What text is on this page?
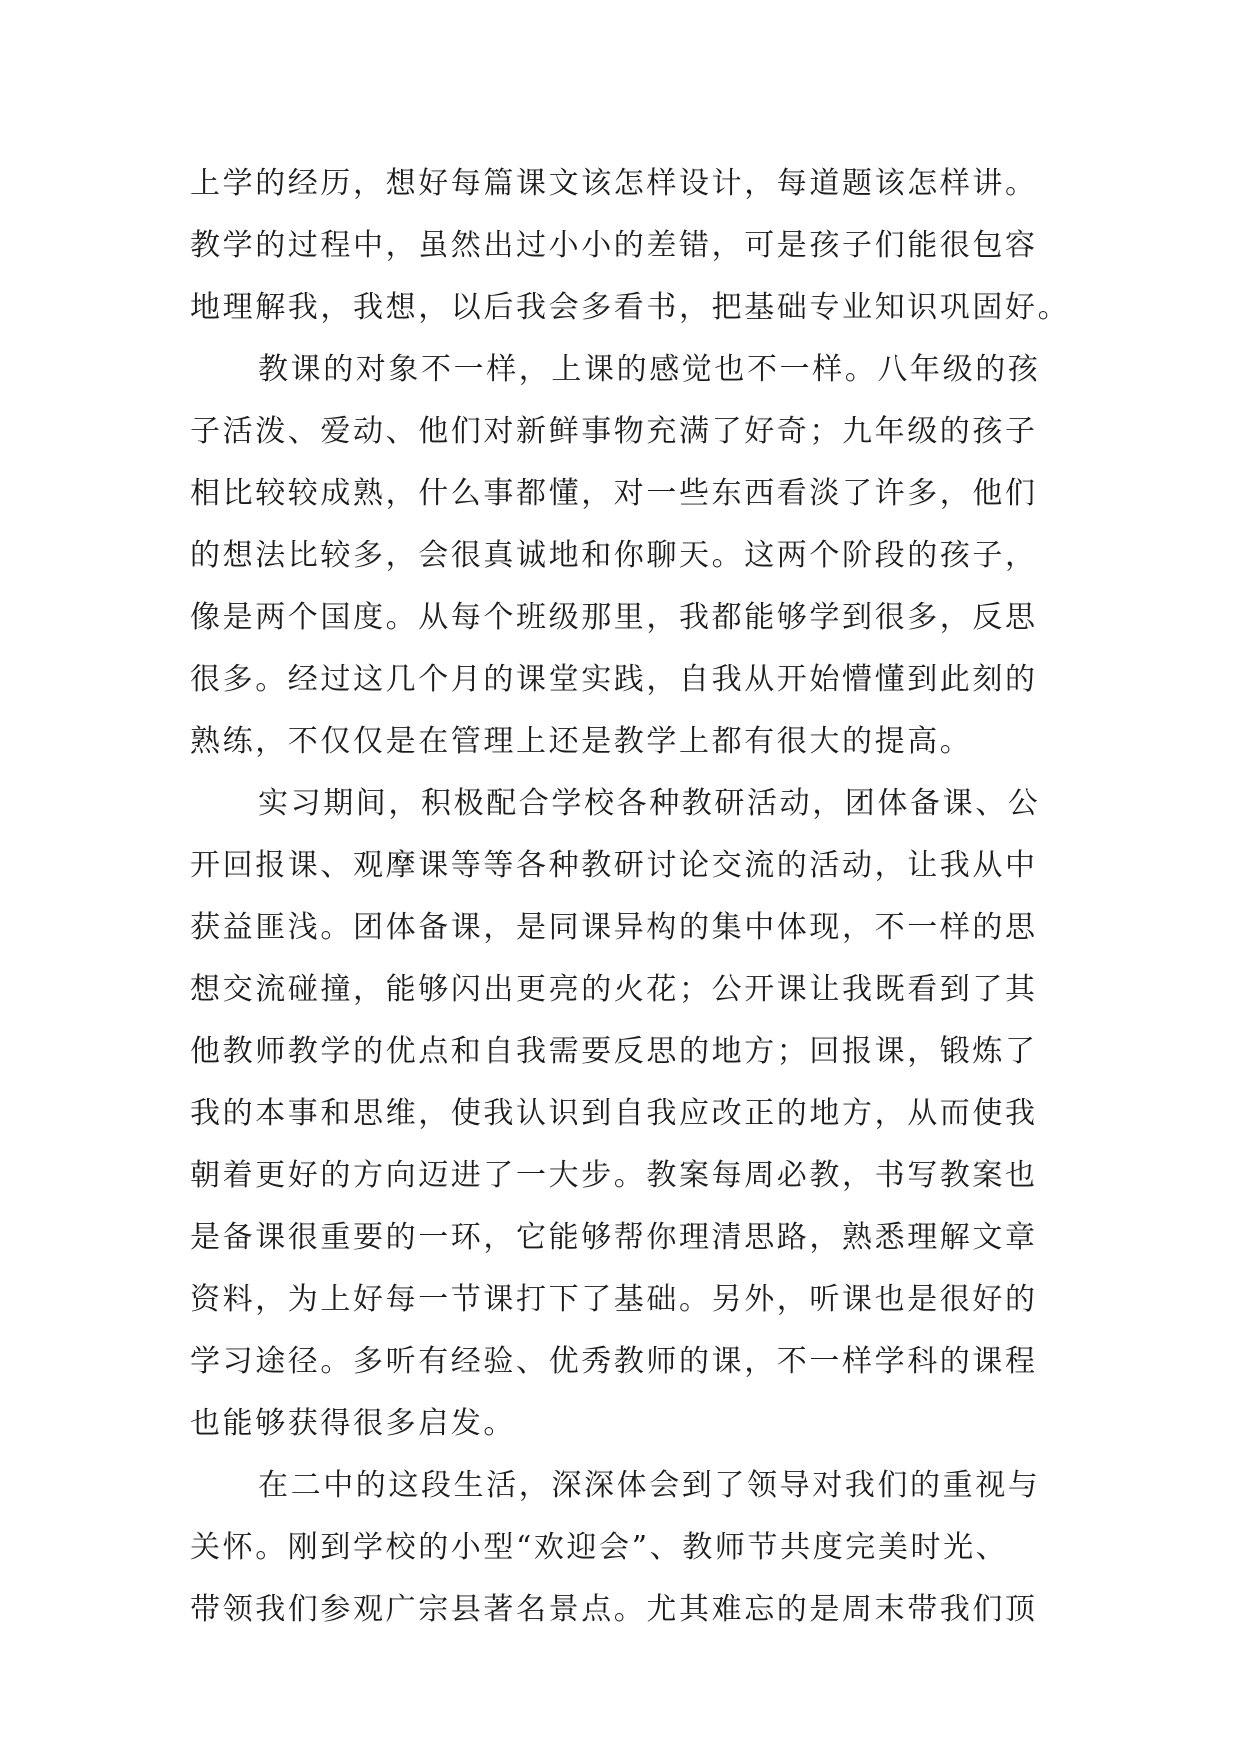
上学的经历，想好每篇课文该怎样设计，每道题该怎样讲。
教学的过程中，虽然出过小小的差错，可是孩子们能很包容
地理解我，我想，以后我会多看书，把基础专业知识巩固好。
教课的对象不一样，上课的感觉也不一样。八年级的孩
子活泼、爱动、他们对新鲜事物充满了好奇；九年级的孩子
相比较较成熟，什么事都懂，对一些东西看淡了许多，他们
的想法比较多，会很真诚地和你聊天。这两个阶段的孩子，
像是两个国度。从每个班级那里，我都能够学到很多，反思
很多。经过这几个月的课堂实践，自我从开始懵懂到此刻的
熟练，不仅仅是在管理上还是教学上都有很大的提高。
实习期间，积极配合学校各种教研活动，团体备课、公
开回报课、观摩课等等各种教研讨论交流的活动，让我从中
获益匪浅。团体备课，是同课异构的集中体现，不一样的思
想交流碰撞，能够闪出更亮的火花；公开课让我既看到了其
他教师教学的优点和自我需要反思的地方；回报课，锻炼了
我的本事和思维，使我认识到自我应改正的地方，从而使我
朝着更好的方向迈进了一大步。教案每周必教，书写教案也
是备课很重要的一环，它能够帮你理清思路，熟悉理解文章
资料，为上好每一节课打下了基础。另外，听课也是很好的
学习途径。多听有经验、优秀教师的课，不一样学科的课程
也能够获得很多启发。
在二中的这段生活，深深体会到了领导对我们的重视与
关怀。刚到学校的小型“欢迎会”、教师节共度完美时光、
带领我们参观广宗县著名景点。尤其难忘的是周末带我们顶
